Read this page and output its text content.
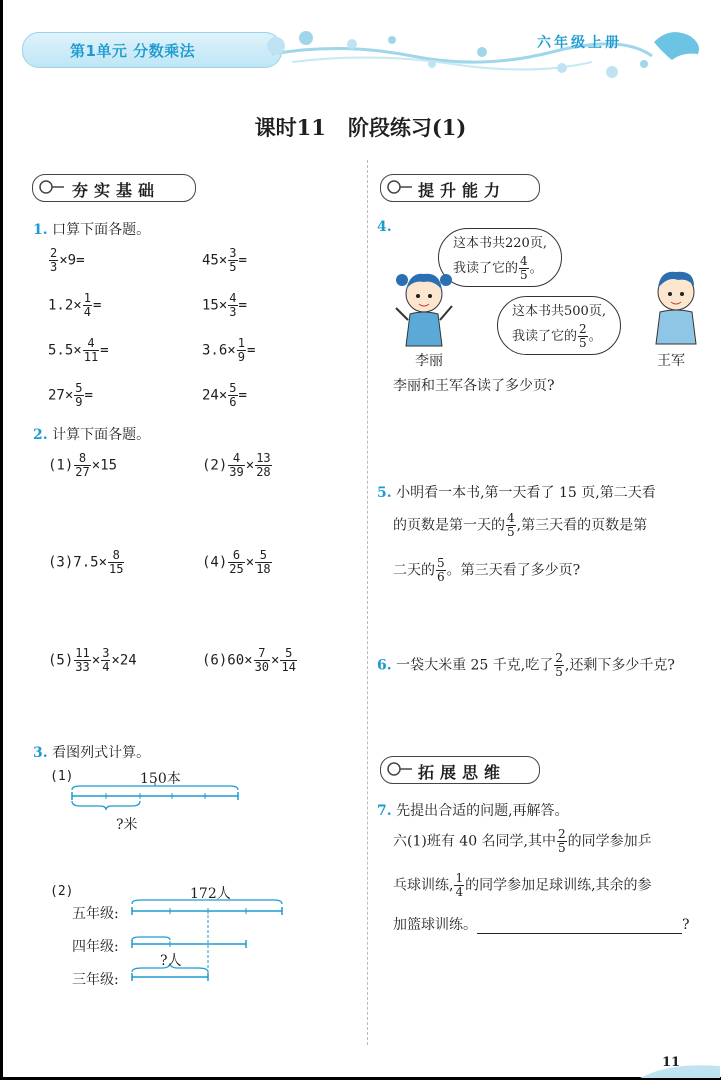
第1单元 分数乘法	六年级上册
课时11   阶段练习(1)
夯实基础	提升能力
拓展思维
1. 口算下面各题。
$\frac{2}{3} \times 9=$	$45\times \frac{3}{5}$ =
$1.2\times \frac{1}{4}$ =	$15\times \frac{4}{3}$ =
$5.5\times \frac{4}{11}$ =	$3.6\times \frac{1}{9}$ =
$27\times \frac{5}{9}$ =	$24\times \frac{5}{6}$ =
2. 计算下面各题。
$(1) \frac{8}{27} \times 15$	$(2) \frac{4}{39} \times \frac{13}{28}$
$(3)7.5\times \frac{8}{15}$	$(4) \frac{6}{25} \times \frac{5}{18}$
$(5) \frac{11}{33} \times \frac{3}{4} \times 24$	$(6)60\times \frac{7}{30} \times \frac{5}{14}$
3. 看图列式计算。
(1)	150本
?米
(2)	172人
五年级:
四年级:
三年级:
?人
4.
这本书共220页,
我读了它的 $\frac{4}{5}$ 。
这本书共500页,
我读了它的 $\frac{2}{5}$ 。
李丽	王军
李丽和王军各读了多少页?
5. 小明看一本书,第一天看了 15 页,第二天看
的页数是第一天的 $\frac{4}{5}$ ,第三天看的页数是第
二天的 $\frac{5}{6}$ 。第三天看了多少页?
6. 一袋大米重 25 千克,吃了 $\frac{2}{5}$ ,还剩下多少千克?
7. 先提出合适的问题,再解答。
六(1)班有 40 名同学,其中 $\frac{2}{5}$ 的同学参加乒
乓球训练, $\frac{1}{4}$ 的同学参加足球训练,其余的参
加篮球训练。	?
11
